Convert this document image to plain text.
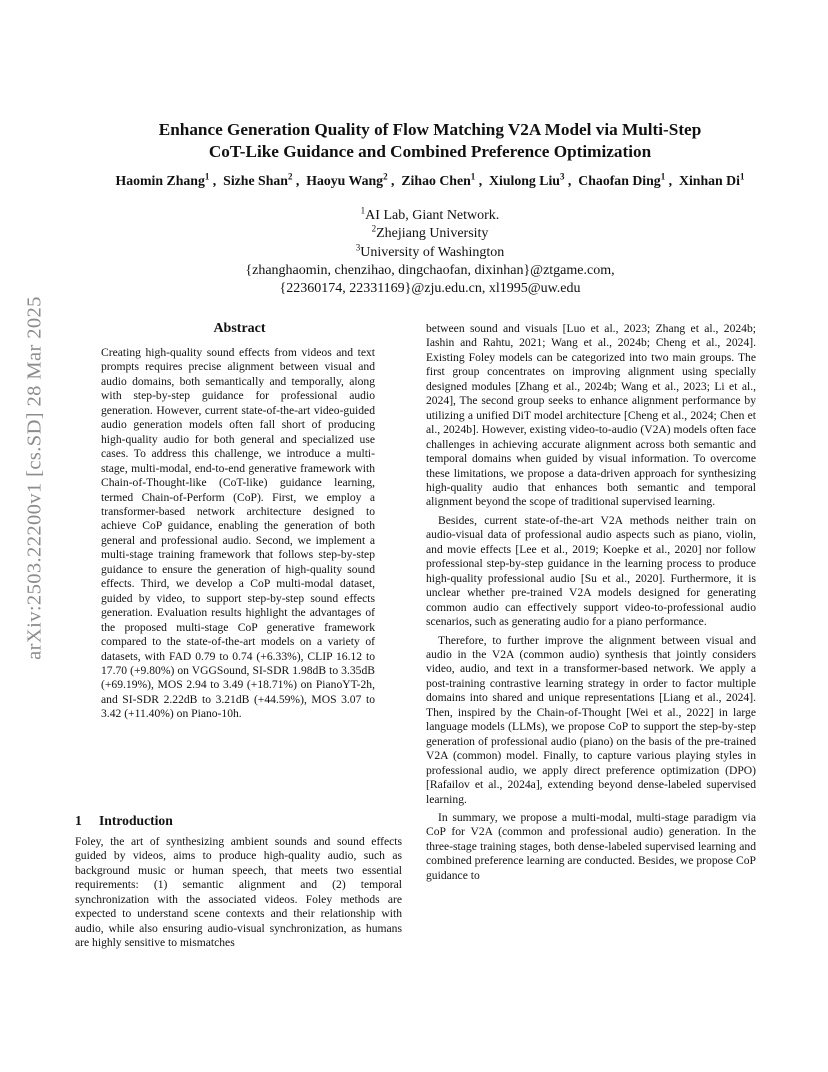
arXiv:2503.22200v1 [cs.SD] 28 Mar 2025
Enhance Generation Quality of Flow Matching V2A Model via Multi-Step
CoT-Like Guidance and Combined Preference Optimization
Haomin Zhang$^1$ ,  Sizhe Shan$^2$ ,  Haoyu Wang$^2$ ,  Zihao Chen$^1$ ,  Xiulong Liu$^3$ ,  Chaofan Ding$^1$ ,  Xinhan Di$^1$
$^1$AI Lab, Giant Network.
$^2$Zhejiang University
$^3$University of Washington
{zhanghaomin, chenzihao, dingchaofan, dixinhan}@ztgame.com,
{22360174, 22331169}@zju.edu.cn, xl1995@uw.edu
Abstract

Creating high-quality sound effects from videos and text prompts requires precise alignment between visual and audio domains, both semantically and temporally, along with step-by-step guidance for professional audio generation. However, current state-of-the-art video-guided audio generation models often fall short of producing high-quality audio for both general and specialized use cases. To address this challenge, we introduce a multi-stage, multi-modal, end-to-end generative framework with Chain-of-Thought-like (CoT-like) guidance learning, termed Chain-of-Perform (CoP). First, we employ a transformer-based network architecture designed to achieve CoP guidance, enabling the generation of both general and professional audio. Second, we implement a multi-stage training framework that follows step-by-step guidance to ensure the generation of high-quality sound effects. Third, we develop a CoP multi-modal dataset, guided by video, to support step-by-step sound effects generation. Evaluation results highlight the advantages of the proposed multi-stage CoP generative framework compared to the state-of-the-art models on a variety of datasets, with FAD 0.79 to 0.74 (+6.33%), CLIP 16.12 to 17.70 (+9.80%) on VGGSound, SI-SDR 1.98dB to 3.35dB (+69.19%), MOS 2.94 to 3.49 (+18.71%) on PianoYT-2h, and SI-SDR 2.22dB to 3.21dB (+44.59%), MOS 3.07 to 3.42 (+11.40%) on Piano-10h.

1 Introduction

Foley, the art of synthesizing ambient sounds and sound effects guided by videos, aims to produce high-quality audio, such as background music or human speech, that meets two essential requirements: (1) semantic alignment and (2) temporal synchronization with the associated videos. Foley methods are expected to understand scene contexts and their relationship with audio, while also ensuring audio-visual synchronization, as humans are highly sensitive to mismatches

between sound and visuals [Luo et al., 2023; Zhang et al., 2024b; Iashin and Rahtu, 2021; Wang et al., 2024b; Cheng et al., 2024]. Existing Foley models can be categorized into two main groups. The first group concentrates on improving alignment using specially designed modules [Zhang et al., 2024b; Wang et al., 2023; Li et al., 2024], The second group seeks to enhance alignment performance by utilizing a unified DiT model architecture [Cheng et al., 2024; Chen et al., 2024b]. However, existing video-to-audio (V2A) models often face challenges in achieving accurate alignment across both semantic and temporal domains when guided by visual information. To overcome these limitations, we propose a data-driven approach for synthesizing high-quality audio that enhances both semantic and temporal alignment beyond the scope of traditional supervised learning.

Besides, current state-of-the-art V2A methods neither train on audio-visual data of professional audio aspects such as piano, violin, and movie effects [Lee et al., 2019; Koepke et al., 2020] nor follow professional step-by-step guidance in the learning process to produce high-quality professional audio [Su et al., 2020]. Furthermore, it is unclear whether pre-trained V2A models designed for generating common audio can effectively support video-to-professional audio scenarios, such as generating audio for a piano performance.

Therefore, to further improve the alignment between visual and audio in the V2A (common audio) synthesis that jointly considers video, audio, and text in a transformer-based network. We apply a post-training contrastive learning strategy in order to factor multiple domains into shared and unique representations [Liang et al., 2024]. Then, inspired by the Chain-of-Thought [Wei et al., 2022] in large language models (LLMs), we propose CoP to support the step-by-step generation of professional audio (piano) on the basis of the pre-trained V2A (common) model. Finally, to capture various playing styles in professional audio, we apply direct preference optimization (DPO) [Rafailov et al., 2024a], extending beyond dense-labeled supervised learning.

In summary, we propose a multi-modal, multi-stage paradigm via CoP for V2A (common and professional audio) generation. In the three-stage training stages, both dense-labeled supervised learning and combined preference learning are conducted. Besides, we propose CoP guidance to
